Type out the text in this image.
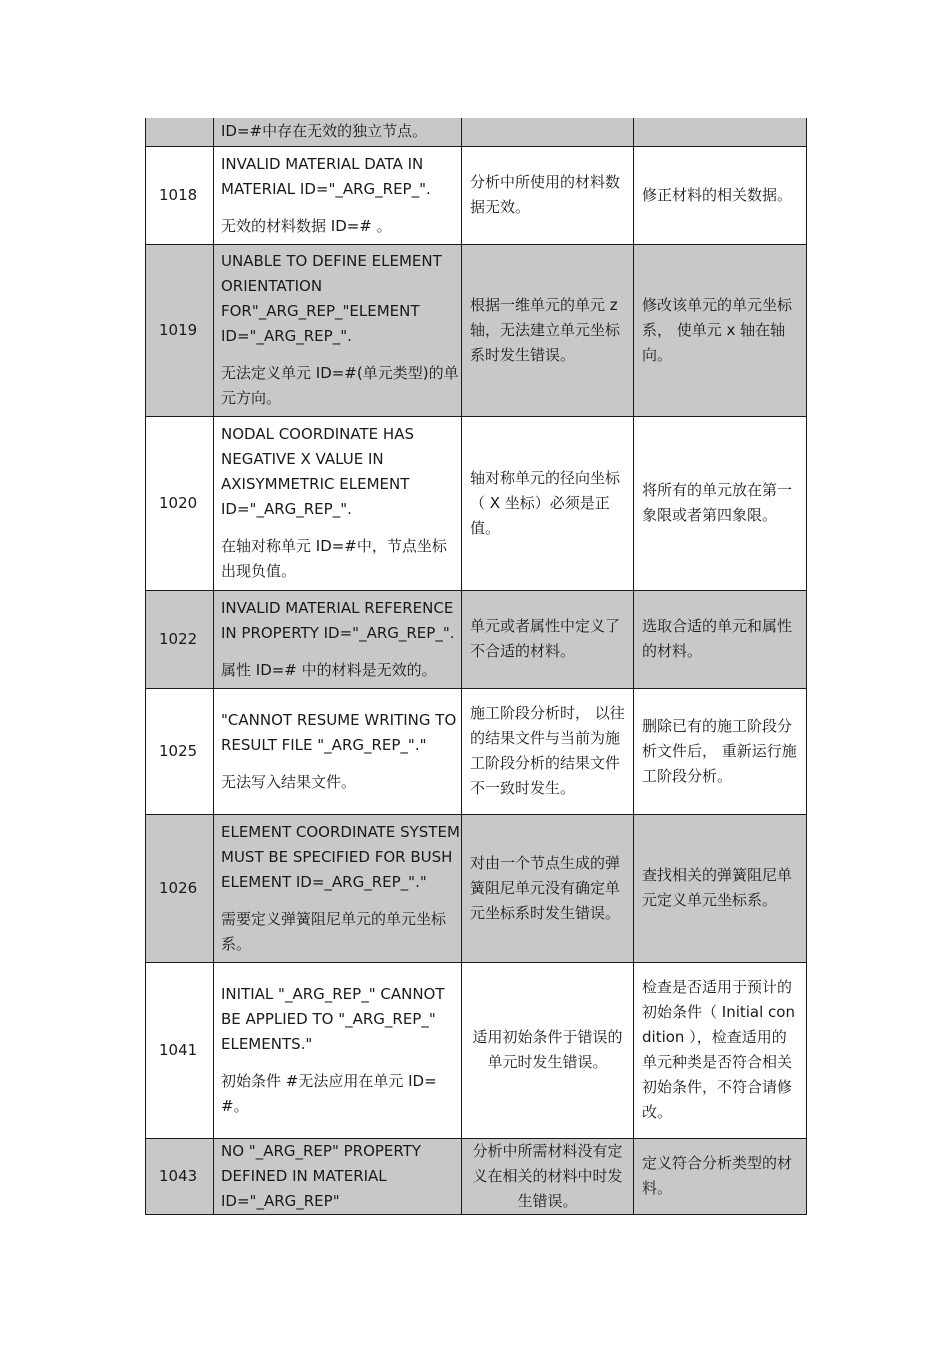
	ID=#中存在无效的独立节点。		

1018	INVALID MATERIAL DATA IN
MATERIAL ID="_ARG_REP_".
无效的材料数据 ID=# 。	分析中所使用的材料数据无效。	修正材料的相关数据。
1019	UNABLE TO DEFINE ELEMENT
ORIENTATION
FOR"_ARG_REP_"ELEMENT
ID="_ARG_REP_".
无法定义单元 ID=#(单元类型)的单元方向。	根据一维单元的单元 z 轴，无法建立单元坐标系时发生错误。	修改该单元的单元坐标系， 使单元 x 轴在轴向。
1020	NODAL COORDINATE HAS
NEGATIVE X VALUE IN
AXISYMMETRIC ELEMENT
ID="_ARG_REP_".
在轴对称单元 ID=#中，节点坐标出现负值。	轴对称单元的径向坐标（ X 坐标）必须是正值。	将所有的单元放在第一象限或者第四象限。
1022	INVALID MATERIAL REFERENCE
IN PROPERTY ID="_ARG_REP_".
属性 ID=# 中的材料是无效的。	单元或者属性中定义了不合适的材料。	选取合适的单元和属性的材料。
1025	"CANNOT RESUME WRITING TO
RESULT FILE "_ARG_REP_"."
无法写入结果文件。	施工阶段分析时， 以往的结果文件与当前为施工阶段分析的结果文件不一致时发生。	删除已有的施工阶段分析文件后， 重新运行施工阶段分析。
1026	ELEMENT COORDINATE SYSTEM
MUST BE SPECIFIED FOR BUSH
ELEMENT ID=_ARG_REP_"."
需要定义弹簧阻尼单元的单元坐标系。	对由一个节点生成的弹簧阻尼单元没有确定单元坐标系时发生错误。	查找相关的弹簧阻尼单元定义单元坐标系。
1041	INITIAL "_ARG_REP_" CANNOT
BE APPLIED TO "_ARG_REP_"
ELEMENTS."
初始条件 #无法应用在单元 ID=#。	适用初始条件于错误的单元时发生错误。	检查是否适用于预计的初始条件（ Initial condition ），检查适用的单元种类是否符合相关初始条件，不符合请修改。
1043	NO "_ARG_REP" PROPERTY
DEFINED IN MATERIAL
ID="_ARG_REP"	分析中所需材料没有定义在相关的材料中时发生错误。	定义符合分析类型的材料。
